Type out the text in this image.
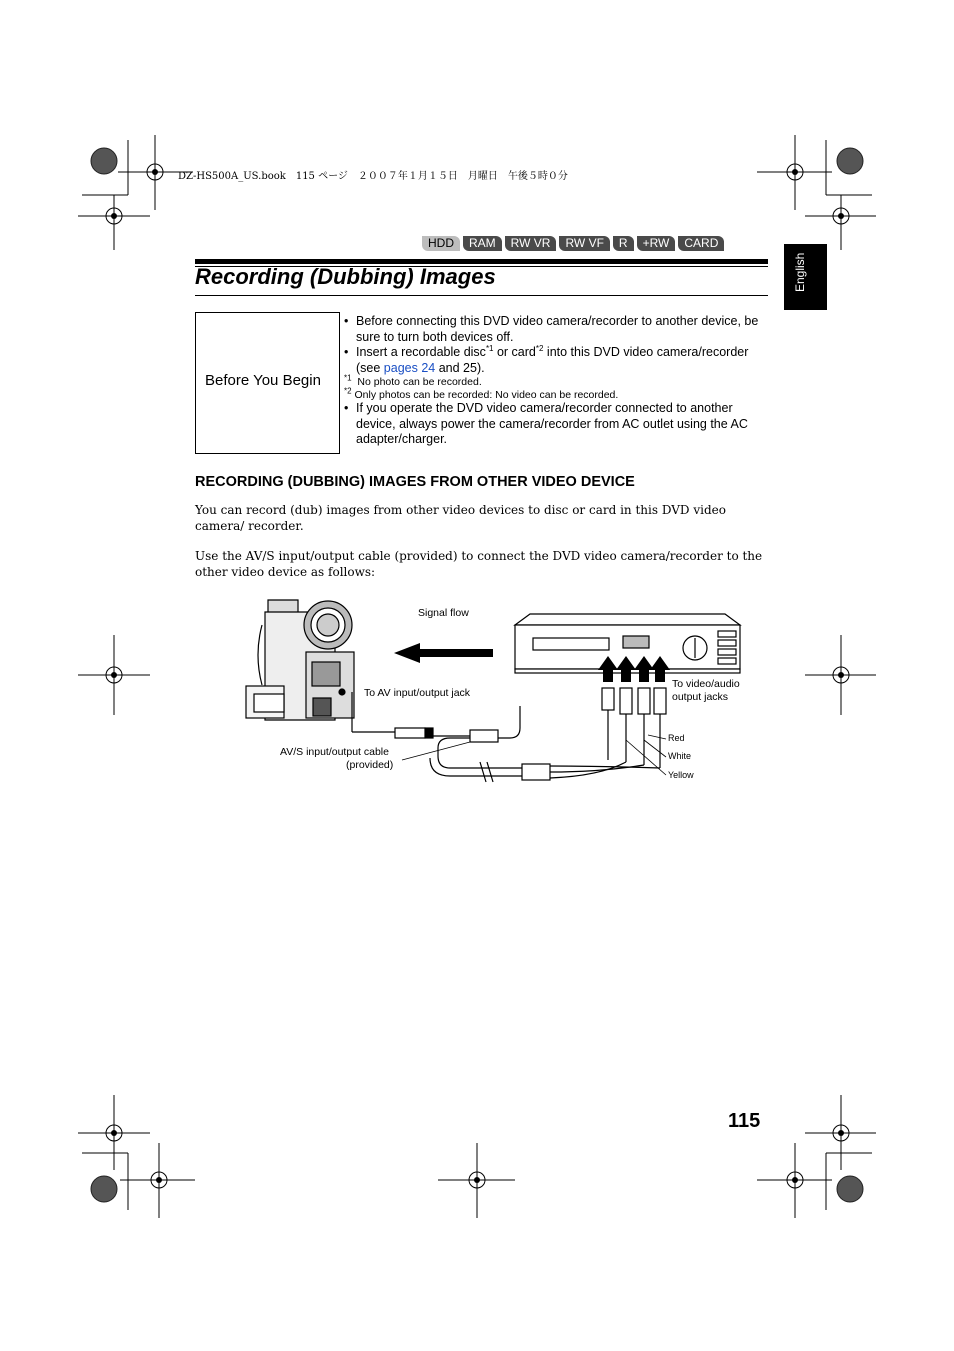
DZ-HS500A_US.book　115 ページ　２００７年１月１５日　月曜日　午後５時０分
HDD	RAM	RW VR	RW VF	R	+RW	CARD
English
Recording (Dubbing) Images
Before You Begin

• Before connecting this DVD video camera/recorder to another device, be sure to turn both devices off.

• Insert a recordable disc$^{*1}$ or card$^{*2}$ into this DVD video camera/recorder (see pages 24 and 25).

$^{*1}$ No photo can be recorded.

$^{*2}$ Only photos can be recorded: No video can be recorded.

• If you operate the DVD video camera/recorder connected to another device, always power the camera/recorder from AC outlet using the AC adapter/charger.

RECORDING (DUBBING) IMAGES FROM OTHER VIDEO DEVICE
You can record (dub) images from other video devices to disc or card in this DVD video camera/ recorder.
Use the AV/S input/output cable (provided) to connect the DVD video camera/recorder to the other video device as follows:
Signal flow
To AV input/output jack
AV/S input/output cable
(provided)
To video/audio
output jacks
Red
White
Yellow
115
